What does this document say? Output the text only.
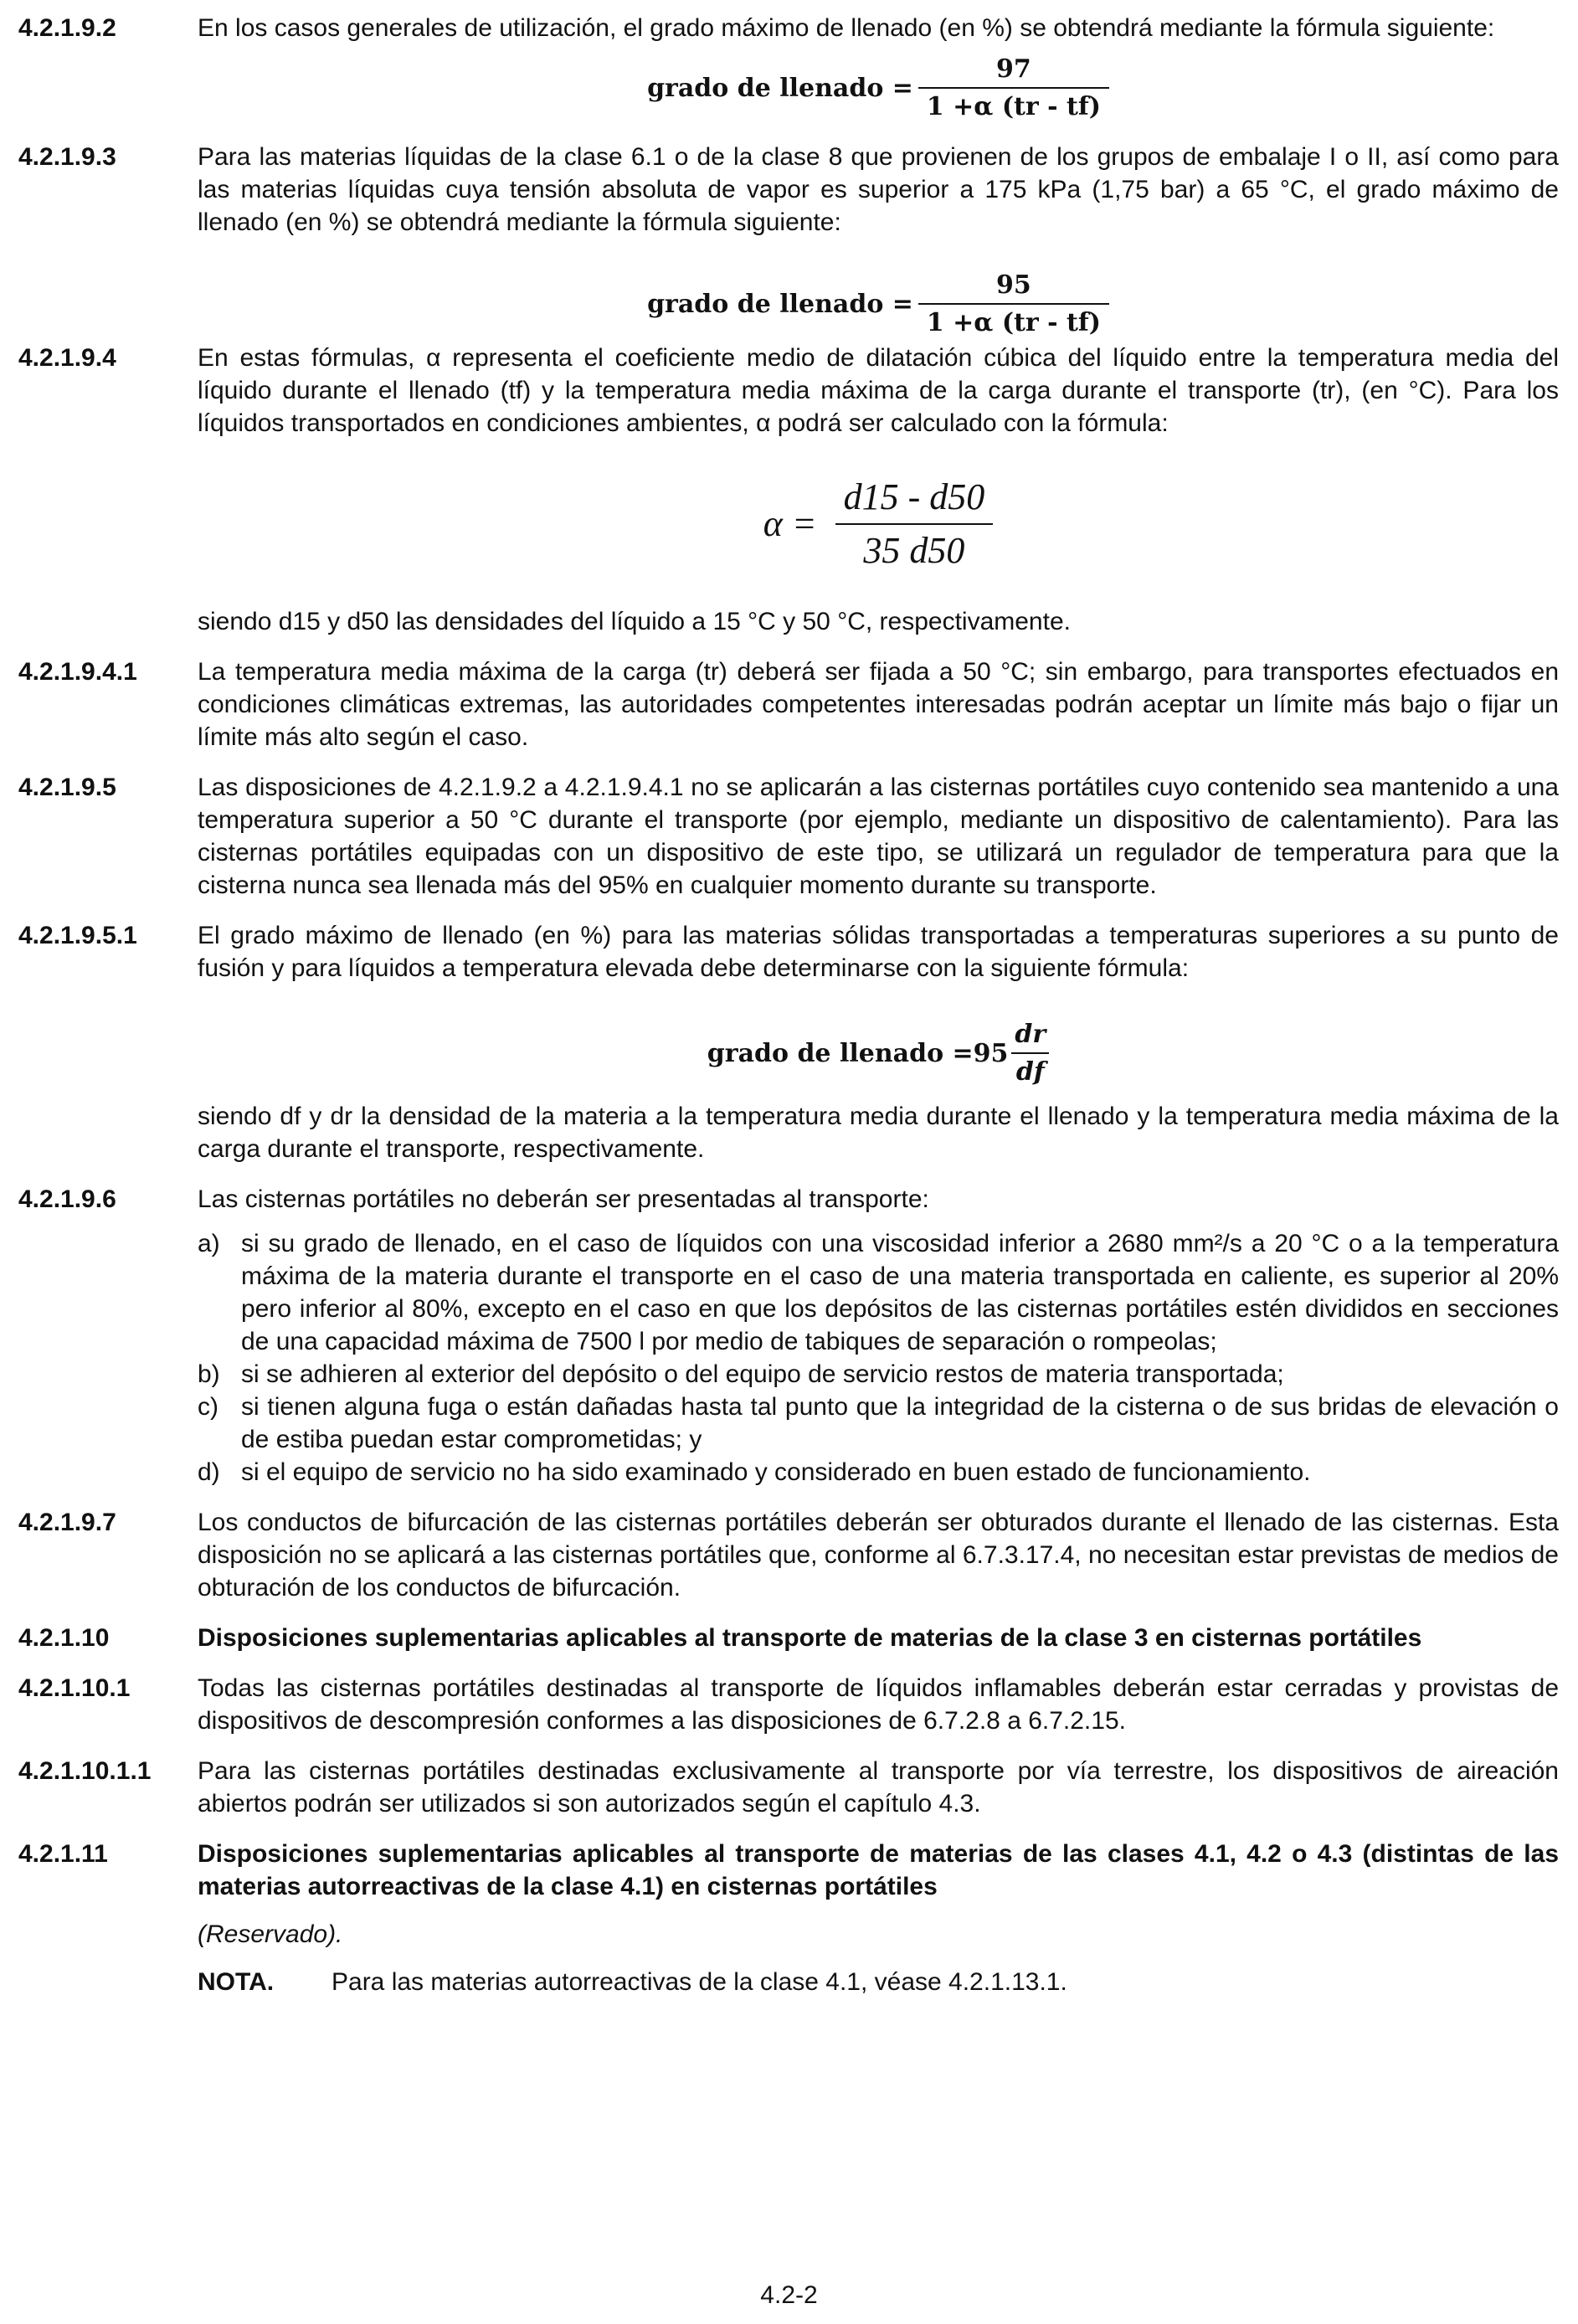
4.2.1.9.2	En los casos generales de utilización, el grado máximo de llenado (en %) se obtendrá mediante la fórmula siguiente:

grado de llenado = $\frac{97}{1 +\alpha (tr - tf)}$
4.2.1.9.3	Para las materias líquidas de la clase 6.1 o de la clase 8 que provienen de los grupos de embalaje I o II, así como para las materias líquidas cuya tensión absoluta de vapor es superior a 175 kPa (1,75 bar) a 65 °C, el grado máximo de llenado (en %) se obtendrá mediante la fórmula siguiente:

grado de llenado = $\frac{95}{1 +\alpha (tr - tf)}$
4.2.1.9.4	En estas fórmulas, α representa el coeficiente medio de dilatación cúbica del líquido entre la temperatura media del líquido durante el llenado (tf) y la temperatura media máxima de la carga durante el transporte (tr), (en °C). Para los líquidos transportados en condiciones ambientes, α podrá ser calculado con la fórmula:

$\alpha = \frac{d15 - d50}{35 d50}$

siendo d15 y d50 las densidades del líquido a 15 °C y 50 °C, respectivamente.

4.2.1.9.4.1	La temperatura media máxima de la carga (tr) deberá ser fijada a 50 °C; sin embargo, para transportes efectuados en condiciones climáticas extremas, las autoridades competentes interesadas podrán aceptar un límite más bajo o fijar un límite más alto según el caso.

4.2.1.9.5	Las disposiciones de 4.2.1.9.2 a 4.2.1.9.4.1 no se aplicarán a las cisternas portátiles cuyo contenido sea mantenido a una temperatura superior a 50 °C durante el transporte (por ejemplo, mediante un dispositivo de calentamiento). Para las cisternas portátiles equipadas con un dispositivo de este tipo, se utilizará un regulador de temperatura para que la cisterna nunca sea llenada más del 95% en cualquier momento durante su transporte.

4.2.1.9.5.1	El grado máximo de llenado (en %) para las materias sólidas transportadas a temperaturas superiores a su punto de fusión y para líquidos a temperatura elevada debe determinarse con la siguiente fórmula:

grado de llenado $=95 \frac{dr}{df}$

siendo df y dr la densidad de la materia a la temperatura media durante el llenado y la temperatura media máxima de la carga durante el transporte, respectivamente.

4.2.1.9.6	Las cisternas portátiles no deberán ser presentadas al transporte:

a) si su grado de llenado, en el caso de líquidos con una viscosidad inferior a 2680 mm²/s a 20 °C o a la temperatura máxima de la materia durante el transporte en el caso de una materia transportada en caliente, es superior al 20% pero inferior al 80%, excepto en el caso en que los depósitos de las cisternas portátiles estén divididos en secciones de una capacidad máxima de 7500 l por medio de tabiques de separación o rompeolas;
b) si se adhieren al exterior del depósito o del equipo de servicio restos de materia transportada;
c) si tienen alguna fuga o están dañadas hasta tal punto que la integridad de la cisterna o de sus bridas de elevación o de estiba puedan estar comprometidas; y
d) si el equipo de servicio no ha sido examinado y considerado en buen estado de funcionamiento.
4.2.1.9.7	Los conductos de bifurcación de las cisternas portátiles deberán ser obturados durante el llenado de las cisternas. Esta disposición no se aplicará a las cisternas portátiles que, conforme al 6.7.3.17.4, no necesitan estar previstas de medios de obturación de los conductos de bifurcación.

4.2.1.10	Disposiciones suplementarias aplicables al transporte de materias de la clase 3 en cisternas portátiles

4.2.1.10.1	Todas las cisternas portátiles destinadas al transporte de líquidos inflamables deberán estar cerradas y provistas de dispositivos de descompresión conformes a las disposiciones de 6.7.2.8 a 6.7.2.15.

4.2.1.10.1.1	Para las cisternas portátiles destinadas exclusivamente al transporte por vía terrestre, los dispositivos de aireación abiertos podrán ser utilizados si son autorizados según el capítulo 4.3.

4.2.1.11	Disposiciones suplementarias aplicables al transporte de materias de las clases 4.1, 4.2 o 4.3 (distintas de las materias autorreactivas de la clase 4.1) en cisternas portátiles

(Reservado).

NOTA.	Para las materias autorreactivas de la clase 4.1, véase 4.2.1.13.1.
4.2-2
